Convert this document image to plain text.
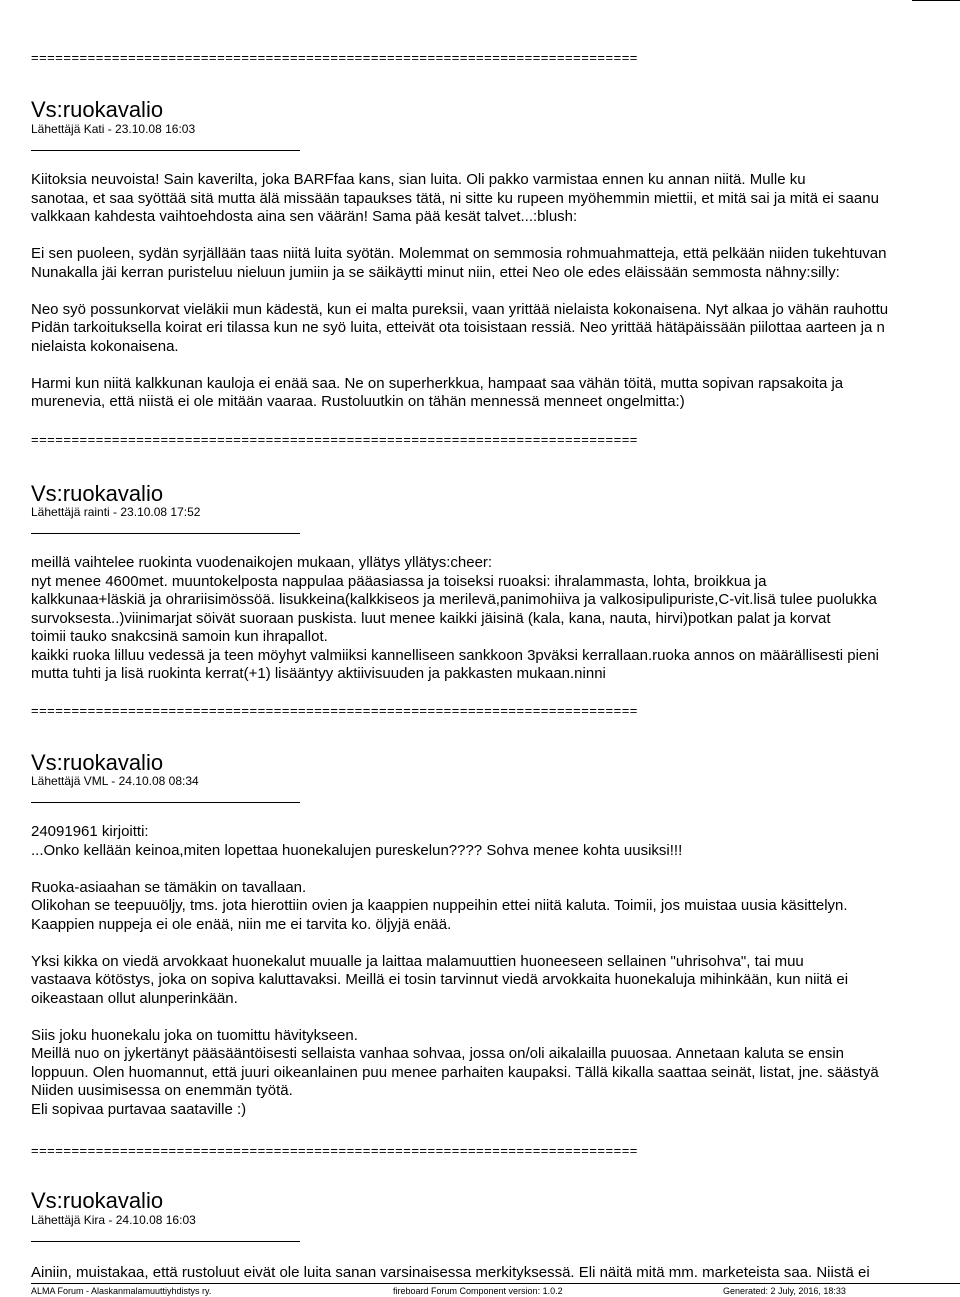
===========================================================================
Vs:ruokavalio
Lähettäjä Kati - 23.10.08 16:03
Kiitoksia neuvoista! Sain kaverilta, joka BARFfaa kans, sian luita. Oli pakko varmistaa ennen ku annan niitä. Mulle ku
sanotaa, et saa syöttää sitä mutta älä missään tapaukses tätä, ni sitte ku rupeen myöhemmin miettii, et mitä sai ja mitä ei saanu
valkkaan kahdesta vaihtoehdosta aina sen väärän! Sama pää kesät talvet...:blush:
Ei sen puoleen, sydän syrjällään taas niitä luita syötän. Molemmat on semmosia rohmuahmatteja, että pelkään niiden tukehtuvan
Nunakalla jäi kerran puristeluu nieluun jumiin ja se säikäytti minut niin, ettei Neo ole edes eläissään semmosta nähny:silly:
Neo syö possunkorvat vieläkii mun kädestä, kun ei malta pureksii, vaan yrittää nielaista kokonaisena. Nyt alkaa jo vähän rauhottu
Pidän tarkoituksella koirat eri tilassa kun ne syö luita, etteivät ota toisistaan ressiä. Neo yrittää hätäpäissään piilottaa aarteen ja n
nielaista kokonaisena.
Harmi kun niitä kalkkunan kauloja ei enää saa. Ne on superherkkua, hampaat saa vähän töitä, mutta sopivan rapsakoita ja
murenevia, että niistä ei ole mitään vaaraa. Rustoluutkin on tähän mennessä menneet ongelmitta:)
===========================================================================
Vs:ruokavalio
Lähettäjä rainti - 23.10.08 17:52
meillä vaihtelee ruokinta vuodenaikojen mukaan, yllätys yllätys:cheer:
nyt menee 4600met. muuntokelposta nappulaa pääasiassa ja toiseksi ruoaksi: ihralammasta, lohta, broikkua ja
kalkkunaa+läskiä ja ohrariisimössöä. lisukkeina(kalkkiseos ja merilevä,panimohiiva ja valkosipulipuriste,C-vit.lisä tulee puolukka
survoksesta..)viinimarjat söivät suoraan puskista. luut menee kaikki jäisinä (kala, kana, nauta, hirvi)potkan palat ja korvat
toimii tauko snakcsinä samoin kun ihrapallot.
kaikki ruoka lilluu vedessä ja teen möyhyt valmiiksi kannelliseen sankkoon 3pväksi kerrallaan.ruoka annos on määrällisesti pieni
mutta tuhti ja lisä ruokinta kerrat(+1) lisääntyy aktiivisuuden ja pakkasten mukaan.ninni
===========================================================================
Vs:ruokavalio
Lähettäjä VML - 24.10.08 08:34
24091961 kirjoitti:
...Onko kellään keinoa,miten lopettaa huonekalujen pureskelun???? Sohva menee kohta uusiksi!!!
Ruoka-asiaahan se tämäkin on tavallaan.
Olikohan se teepuuöljy, tms. jota hierottiin ovien ja kaappien nuppeihin ettei niitä kaluta. Toimii, jos muistaa uusia käsittelyn.
Kaappien nuppeja ei ole enää, niin me ei tarvita ko. öljyjä enää.
Yksi kikka on viedä arvokkaat huonekalut muualle ja laittaa malamuuttien huoneeseen sellainen "uhrisohva", tai muu
vastaava kötöstys, joka on sopiva kaluttavaksi. Meillä ei tosin tarvinnut viedä arvokkaita huonekaluja mihinkään, kun niitä ei
oikeastaan ollut alunperinkään.
Siis joku huonekalu joka on tuomittu hävitykseen.
Meillä nuo on jykertänyt pääsääntöisesti sellaista vanhaa sohvaa, jossa on/oli aikalailla puuosaa. Annetaan kaluta se ensin
loppuun. Olen huomannut, että juuri oikeanlainen puu menee parhaiten kaupaksi. Tällä kikalla saattaa seinät, listat, jne. säästyä
Niiden uusimisessa on enemmän työtä.
Eli sopivaa purtavaa saataville :)
===========================================================================
Vs:ruokavalio
Lähettäjä Kira - 24.10.08 16:03
Ainiin, muistakaa, että rustoluut eivät ole luita sanan varsinaisessa merkityksessä. Eli näitä mitä mm. marketeista saa. Niistä ei
ALMA Forum - Alaskanmalamuuttiyhdistys ry.	fireboard Forum Component version: 1.0.2	Generated: 2 July, 2016, 18:33
